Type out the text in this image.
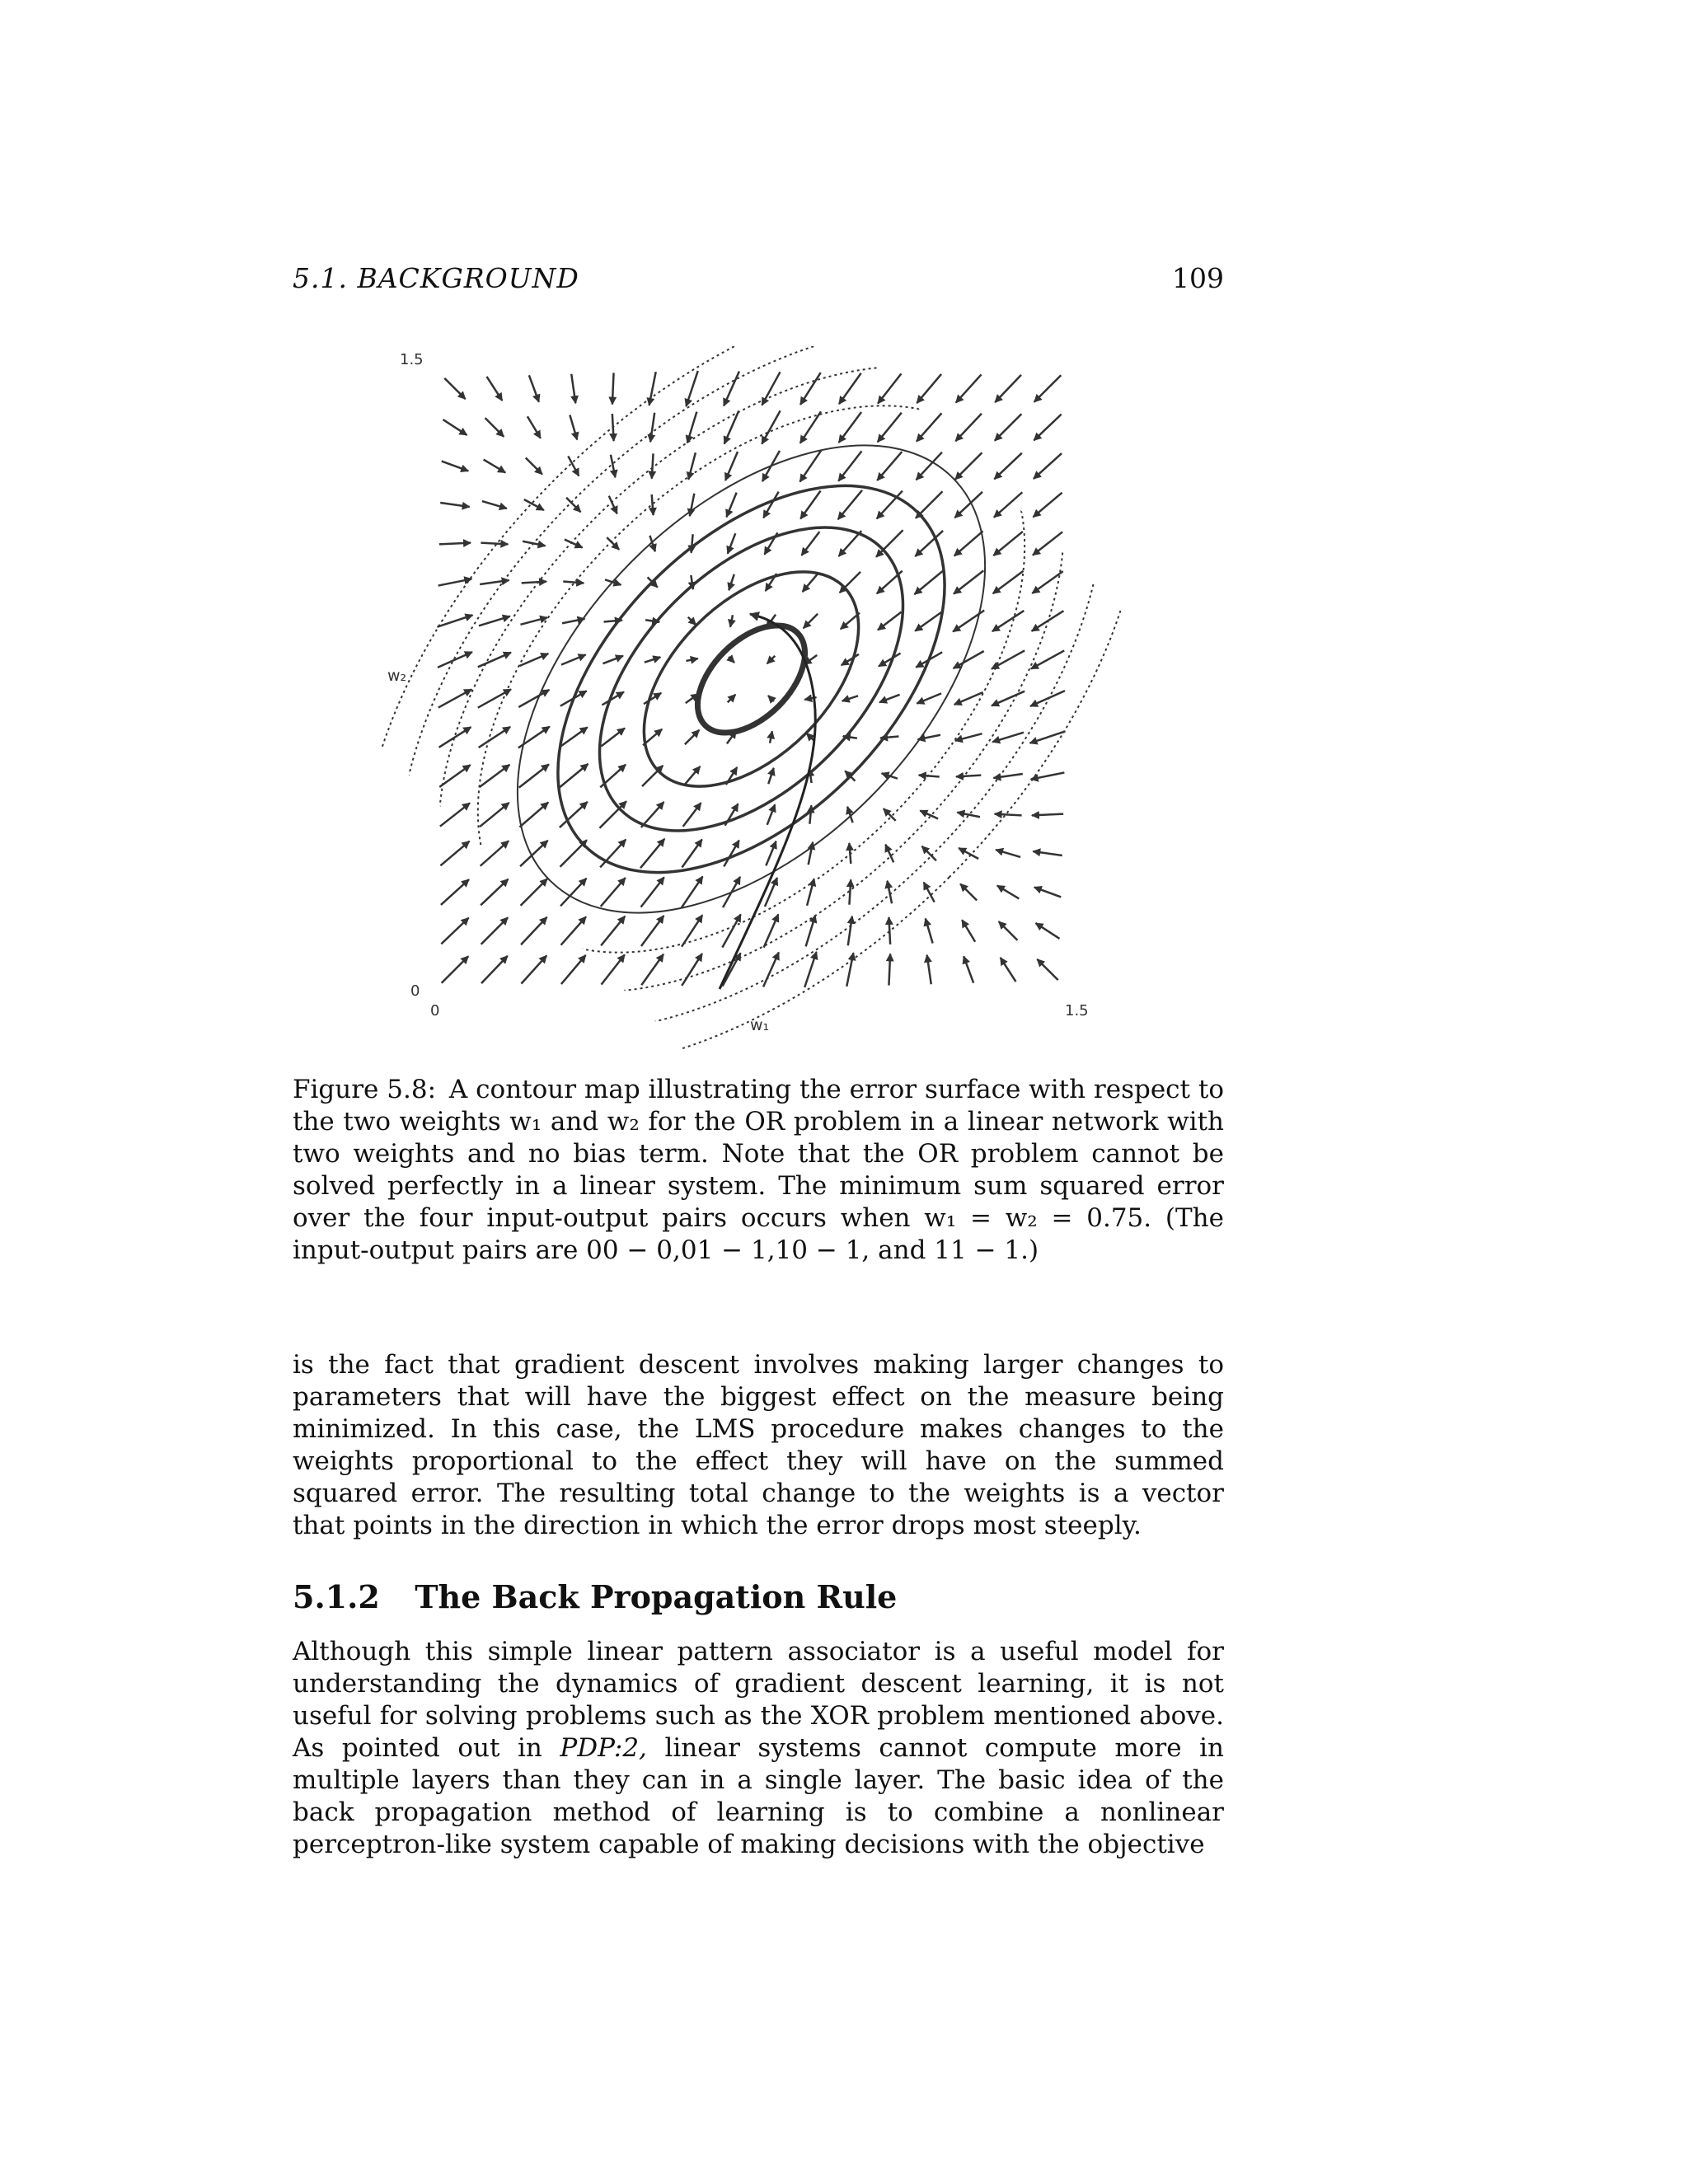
5.1. BACKGROUND	109
1.5
0
0	1.5
w₂
w₁
Figure 5.8: A contour map illustrating the error surface with respect to the two weights w₁ and w₂ for the OR problem in a linear network with two weights and no bias term. Note that the OR problem cannot be solved perfectly in a linear system. The minimum sum squared error over the four input-output pairs occurs when w₁ = w₂ = 0.75. (The input-output pairs are 00 − 0,01 − 1,10 − 1, and 11 − 1.)

is the fact that gradient descent involves making larger changes to parameters that will have the biggest effect on the measure being minimized. In this case, the LMS procedure makes changes to the weights proportional to the effect they will have on the summed squared error. The resulting total change to the weights is a vector that points in the direction in which the error drops most steeply.

5.1.2 The Back Propagation Rule

Although this simple linear pattern associator is a useful model for understanding the dynamics of gradient descent learning, it is not useful for solving problems such as the XOR problem mentioned above. As pointed out in PDP:2, linear systems cannot compute more in multiple layers than they can in a single layer. The basic idea of the back propagation method of learning is to combine a nonlinear perceptron-like system capable of making decisions with the objective
